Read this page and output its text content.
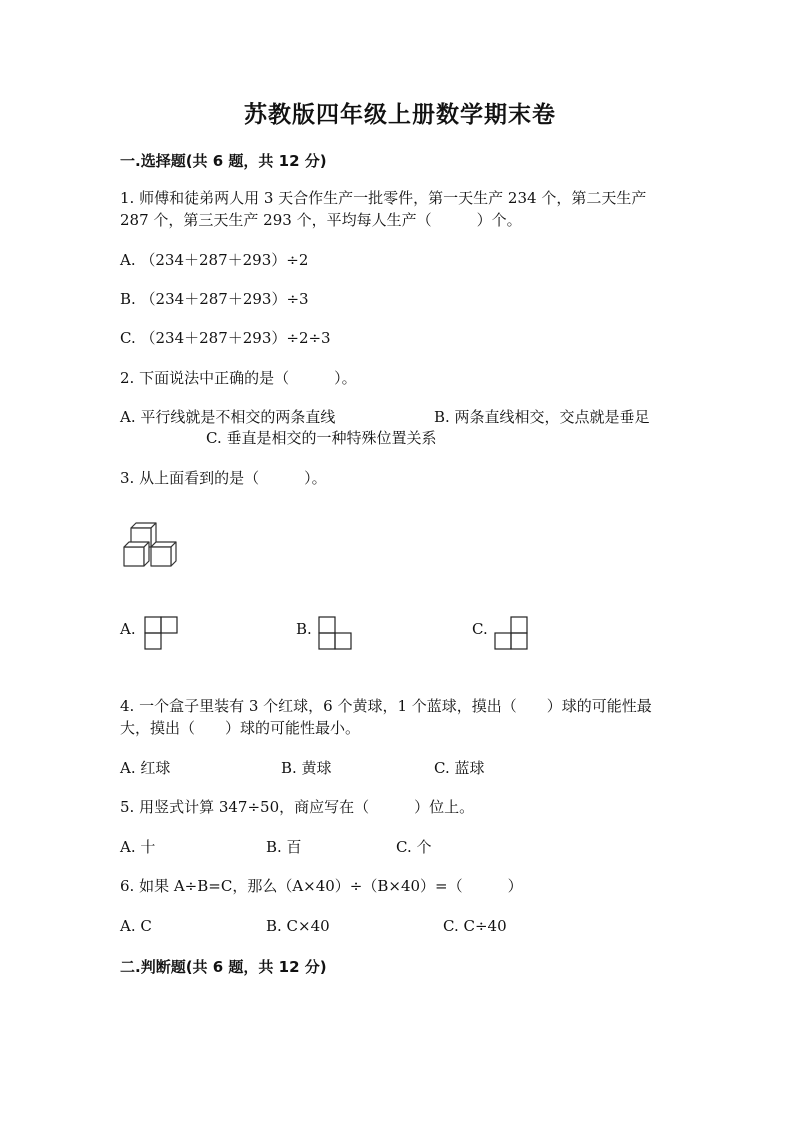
苏教版四年级上册数学期末卷
一.选择题(共 6 题，共 12 分)
1. 师傅和徒弟两人用 3 天合作生产一批零件，第一天生产 234 个，第二天生产
287 个，第三天生产 293 个，平均每人生产（　　　）个。
A. （234＋287＋293）÷2
B. （234＋287＋293）÷3
C. （234＋287＋293）÷2÷3
2. 下面说法中正确的是（　　　）。
A. 平行线就是不相交的两条直线	B. 两条直线相交，交点就是垂足
C. 垂直是相交的一种特殊位置关系
3. 从上面看到的是（　　　）。
A.	B.	C.
4. 一个盒子里装有 3 个红球，6 个黄球，1 个蓝球，摸出（　　）球的可能性最
大，摸出（　　）球的可能性最小。
A. 红球	B. 黄球	C. 蓝球
5. 用竖式计算 347÷50，商应写在（　　　）位上。
A. 十	B. 百	C. 个
6. 如果 A÷B=C，那么（A×40）÷（B×40）=（　　　）
A. C	B. C×40	C. C÷40
二.判断题(共 6 题，共 12 分)
